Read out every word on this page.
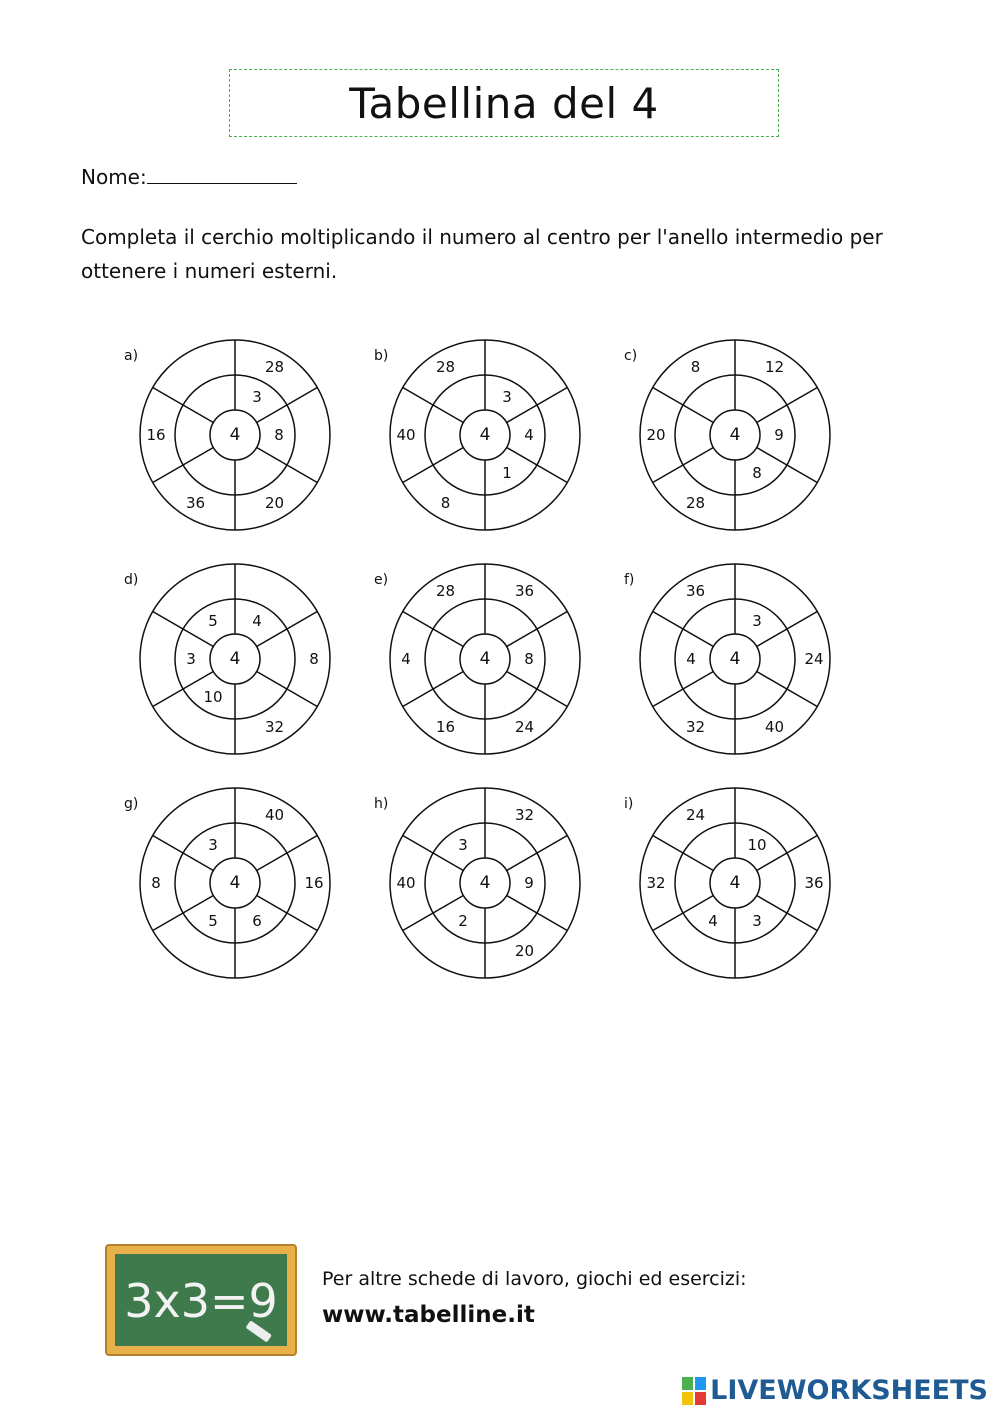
Tabellina del 4
Nome:
Completa il cerchio moltiplicando il numero al centro per l'anello intermedio per ottenere i numeri esterni.
a)
4
3
28
8
20
36
16
b)
4
3
4
1
8
40
28
c)
4
12
9
8
28
20
8
d)
4
4
8
32
10
3
5
e)
4
36
8
24
16
4
28
f)
4
3
24
40
32
4
36
g)
4
40
16
6
5
8
3
h)
4
32
9
20
2
40
3
i)
4
10
36
3
4
32
24
3x3=9 Per altre schede di lavoro, giochi ed esercizi:
www.tabelline.it
LIVEWORKSHEETS
